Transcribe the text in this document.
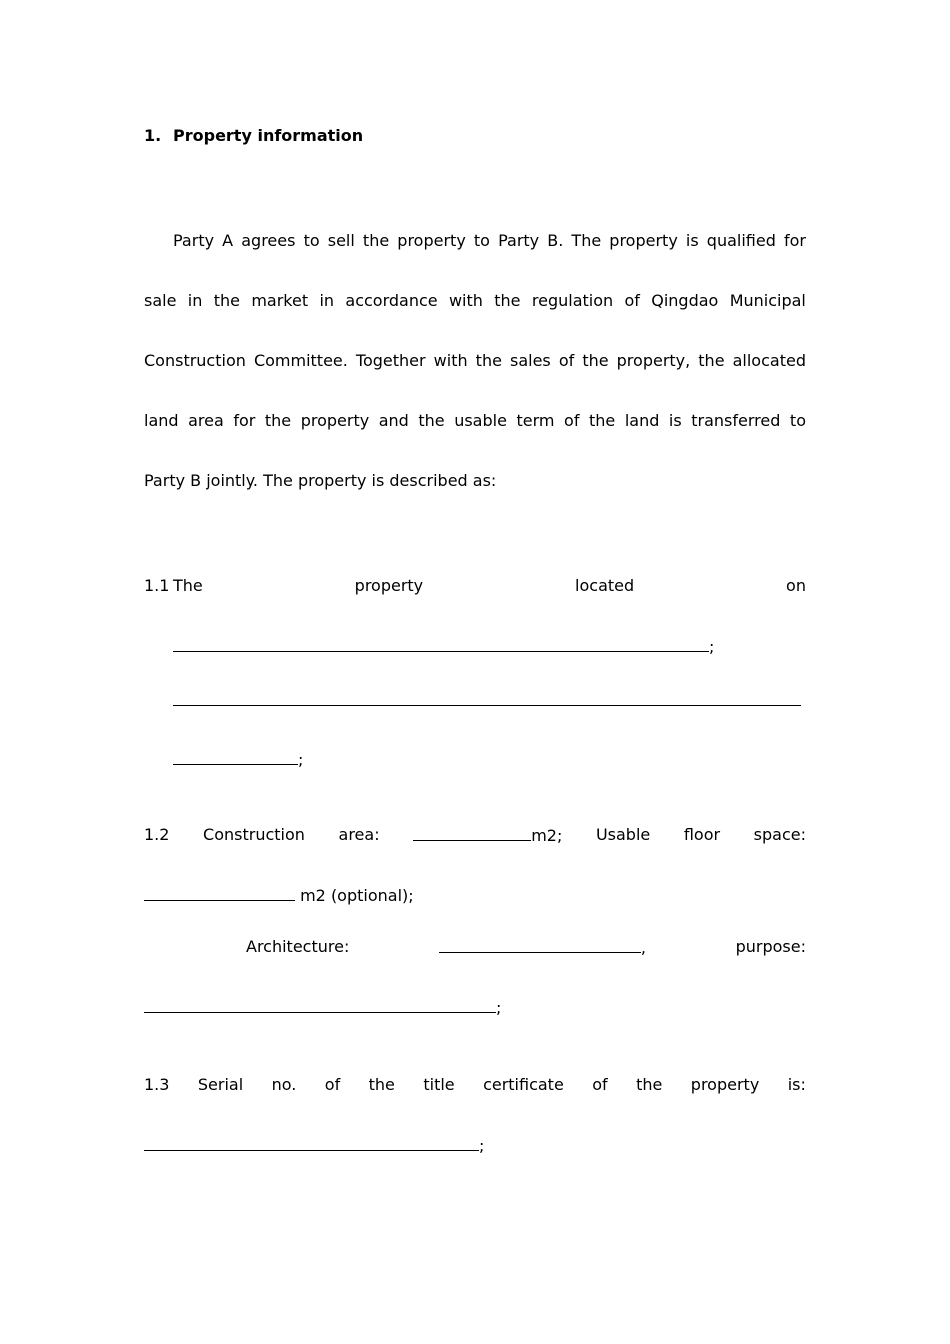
1. Property information
Party A agrees to sell the property to Party B. The property is qualified for
sale in the market in accordance with the regulation of Qingdao Municipal
Construction Committee. Together with the sales of the property, the allocated
land area for the property and the usable term of the land is transferred to
Party B jointly. The property is described as:
1.1 The	property	located	on
;
;
1.2 Construction area:	m2; Usable floor space:
m2 (optional);
Architecture:	,	purpose:
;
1.3 Serial no. of the title certificate of the property is:
;
